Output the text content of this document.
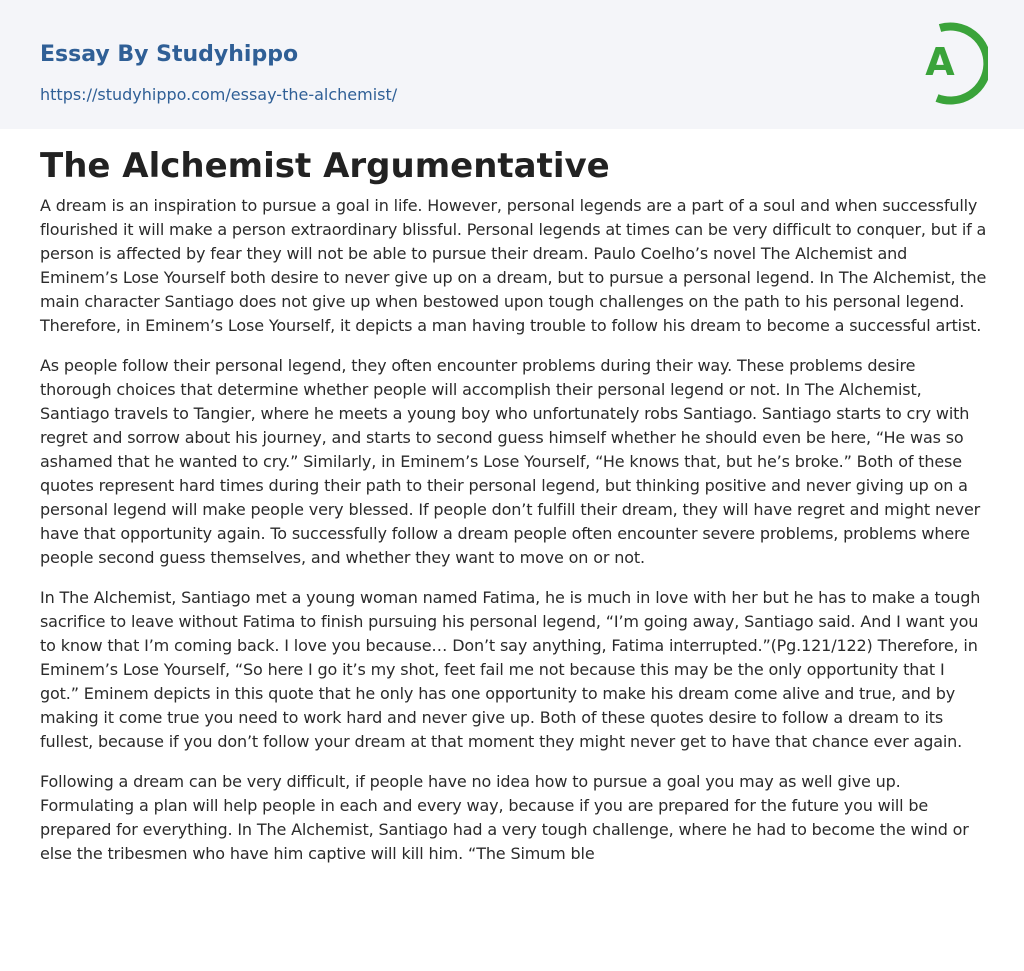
Essay By Studyhippo
https://studyhippo.com/essay-the-alchemist/
A
The Alchemist Argumentative

A dream is an inspiration to pursue a goal in life. However, personal legends are a part of a soul and when successfully flourished it will make a person extraordinary blissful. Personal legends at times can be very difficult to conquer, but if a person is affected by fear they will not be able to pursue their dream. Paulo Coelho’s novel The Alchemist and Eminem’s Lose Yourself both desire to never give up on a dream, but to pursue a personal legend. In The Alchemist, the main character Santiago does not give up when bestowed upon tough challenges on the path to his personal legend. Therefore, in Eminem’s Lose Yourself, it depicts a man having trouble to follow his dream to become a successful artist.

As people follow their personal legend, they often encounter problems during their way. These problems desire thorough choices that determine whether people will accomplish their personal legend or not. In The Alchemist, Santiago travels to Tangier, where he meets a young boy who unfortunately robs Santiago. Santiago starts to cry with regret and sorrow about his journey, and starts to second guess himself whether he should even be here, “He was so ashamed that he wanted to cry.” Similarly, in Eminem’s Lose Yourself, “He knows that, but he’s broke.” Both of these quotes represent hard times during their path to their personal legend, but thinking positive and never giving up on a personal legend will make people very blessed. If people don’t fulfill their dream, they will have regret and might never have that opportunity again. To successfully follow a dream people often encounter severe problems, problems where people second guess themselves, and whether they want to move on or not.

In The Alchemist, Santiago met a young woman named Fatima, he is much in love with her but he has to make a tough sacrifice to leave without Fatima to finish pursuing his personal legend, “I’m going away, Santiago said. And I want you to know that I’m coming back. I love you because… Don’t say anything, Fatima interrupted.”(Pg.121/122) Therefore, in Eminem’s Lose Yourself, “So here I go it’s my shot, feet fail me not because this may be the only opportunity that I got.” Eminem depicts in this quote that he only has one opportunity to make his dream come alive and true, and by making it come true you need to work hard and never give up. Both of these quotes desire to follow a dream to its fullest, because if you don’t follow your dream at that moment they might never get to have that chance ever again.

Following a dream can be very difficult, if people have no idea how to pursue a goal you may as well give up. Formulating a plan will help people in each and every way, because if you are prepared for the future you will be prepared for everything. In The Alchemist, Santiago had a very tough challenge, where he had to become the wind or else the tribesmen who have him captive will kill him. “The Simum ble
